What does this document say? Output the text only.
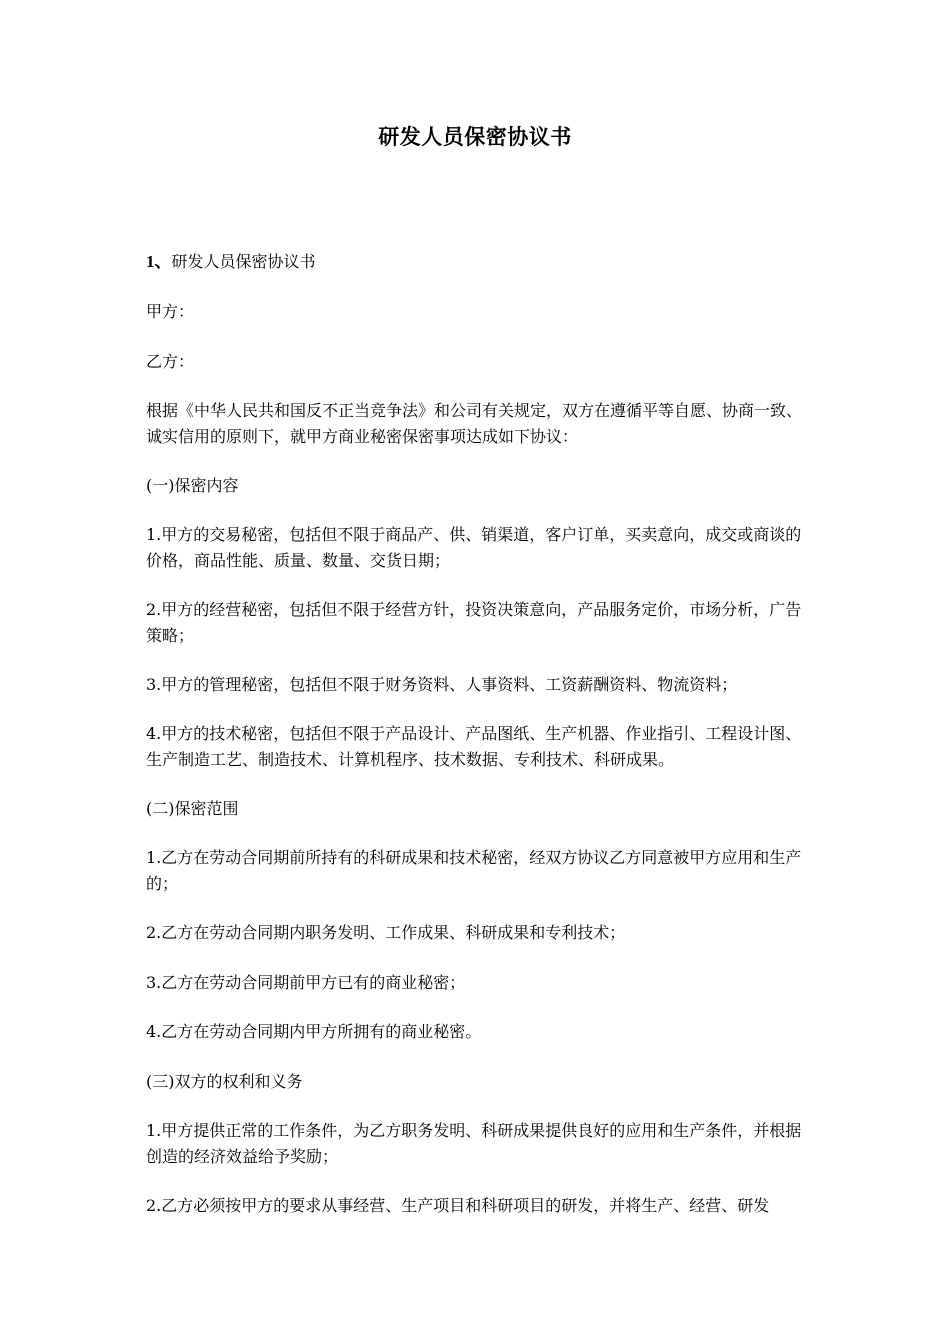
研发人员保密协议书
1、研发人员保密协议书
甲方：
乙方：
根据《中华人民共和国反不正当竞争法》和公司有关规定，双方在遵循平等自愿、协商一致、诚实信用的原则下，就甲方商业秘密保密事项达成如下协议：
(一)保密内容
1.甲方的交易秘密，包括但不限于商品产、供、销渠道，客户订单，买卖意向，成交或商谈的价格，商品性能、质量、数量、交货日期；
2.甲方的经营秘密，包括但不限于经营方针，投资决策意向，产品服务定价，市场分析，广告策略；
3.甲方的管理秘密，包括但不限于财务资料、人事资料、工资薪酬资料、物流资料；
4.甲方的技术秘密，包括但不限于产品设计、产品图纸、生产机器、作业指引、工程设计图、生产制造工艺、制造技术、计算机程序、技术数据、专利技术、科研成果。
(二)保密范围
1.乙方在劳动合同期前所持有的科研成果和技术秘密，经双方协议乙方同意被甲方应用和生产的；
2.乙方在劳动合同期内职务发明、工作成果、科研成果和专利技术；
3.乙方在劳动合同期前甲方已有的商业秘密；
4.乙方在劳动合同期内甲方所拥有的商业秘密。
(三)双方的权利和义务
1.甲方提供正常的工作条件，为乙方职务发明、科研成果提供良好的应用和生产条件，并根据创造的经济效益给予奖励；
2.乙方必须按甲方的要求从事经营、生产项目和科研项目的研发，并将生产、经营、研发
